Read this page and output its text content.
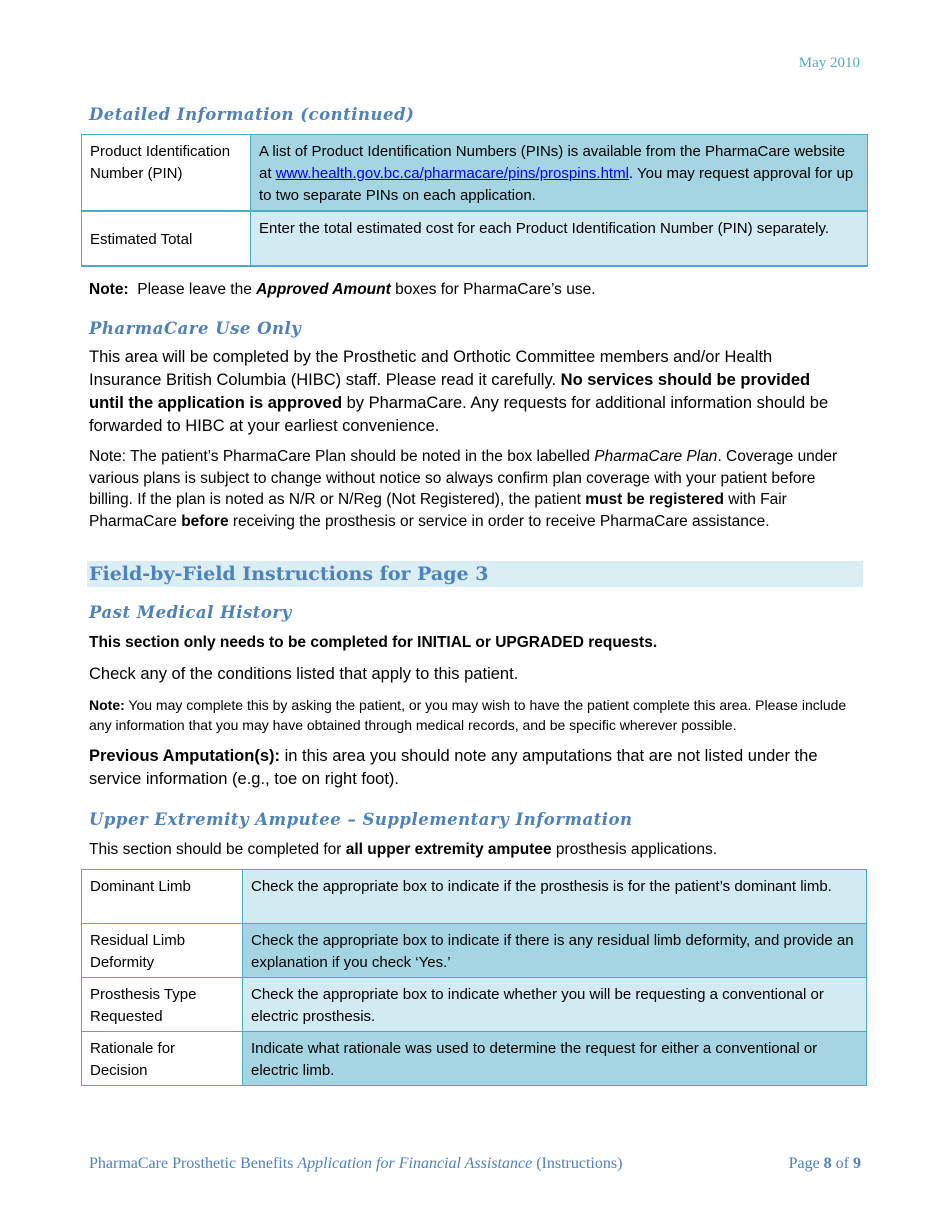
May 2010
Detailed Information (continued)
Product Identification Number (PIN)	A list of Product Identification Numbers (PINs) is available from the PharmaCare website at www.health.gov.bc.ca/pharmacare/pins/prospins.html. You may request approval for up to two separate PINs on each application.
Estimated Total	Enter the total estimated cost for each Product Identification Number (PIN) separately.

Note: Please leave the Approved Amount boxes for PharmaCare’s use.

PharmaCare Use Only

This area will be completed by the Prosthetic and Orthotic Committee members and/or Health Insurance British Columbia (HIBC) staff. Please read it carefully. No services should be provided until the application is approved by PharmaCare. Any requests for additional information should be forwarded to HIBC at your earliest convenience.

Note: The patient’s PharmaCare Plan should be noted in the box labelled PharmaCare Plan. Coverage under various plans is subject to change without notice so always confirm plan coverage with your patient before billing. If the plan is noted as N/R or N/Reg (Not Registered), the patient must be registered with Fair PharmaCare before receiving the prosthesis or service in order to receive PharmaCare assistance.

Field-by-Field Instructions for Page 3
Past Medical History

This section only needs to be completed for INITIAL or UPGRADED requests.

Check any of the conditions listed that apply to this patient.

Note: You may complete this by asking the patient, or you may wish to have the patient complete this area. Please include any information that you may have obtained through medical records, and be specific wherever possible.

Previous Amputation(s): in this area you should note any amputations that are not listed under the service information (e.g., toe on right foot).

Upper Extremity Amputee – Supplementary Information

This section should be completed for all upper extremity amputee prosthesis applications.

Dominant Limb	Check the appropriate box to indicate if the prosthesis is for the patient’s dominant limb.
Residual Limb Deformity	Check the appropriate box to indicate if there is any residual limb deformity, and provide an explanation if you check ‘Yes.’
Prosthesis Type Requested	Check the appropriate box to indicate whether you will be requesting a conventional or electric prosthesis.
Rationale for Decision	Indicate what rationale was used to determine the request for either a conventional or electric limb.
PharmaCare Prosthetic Benefits Application for Financial Assistance (Instructions)	Page 8 of 9
